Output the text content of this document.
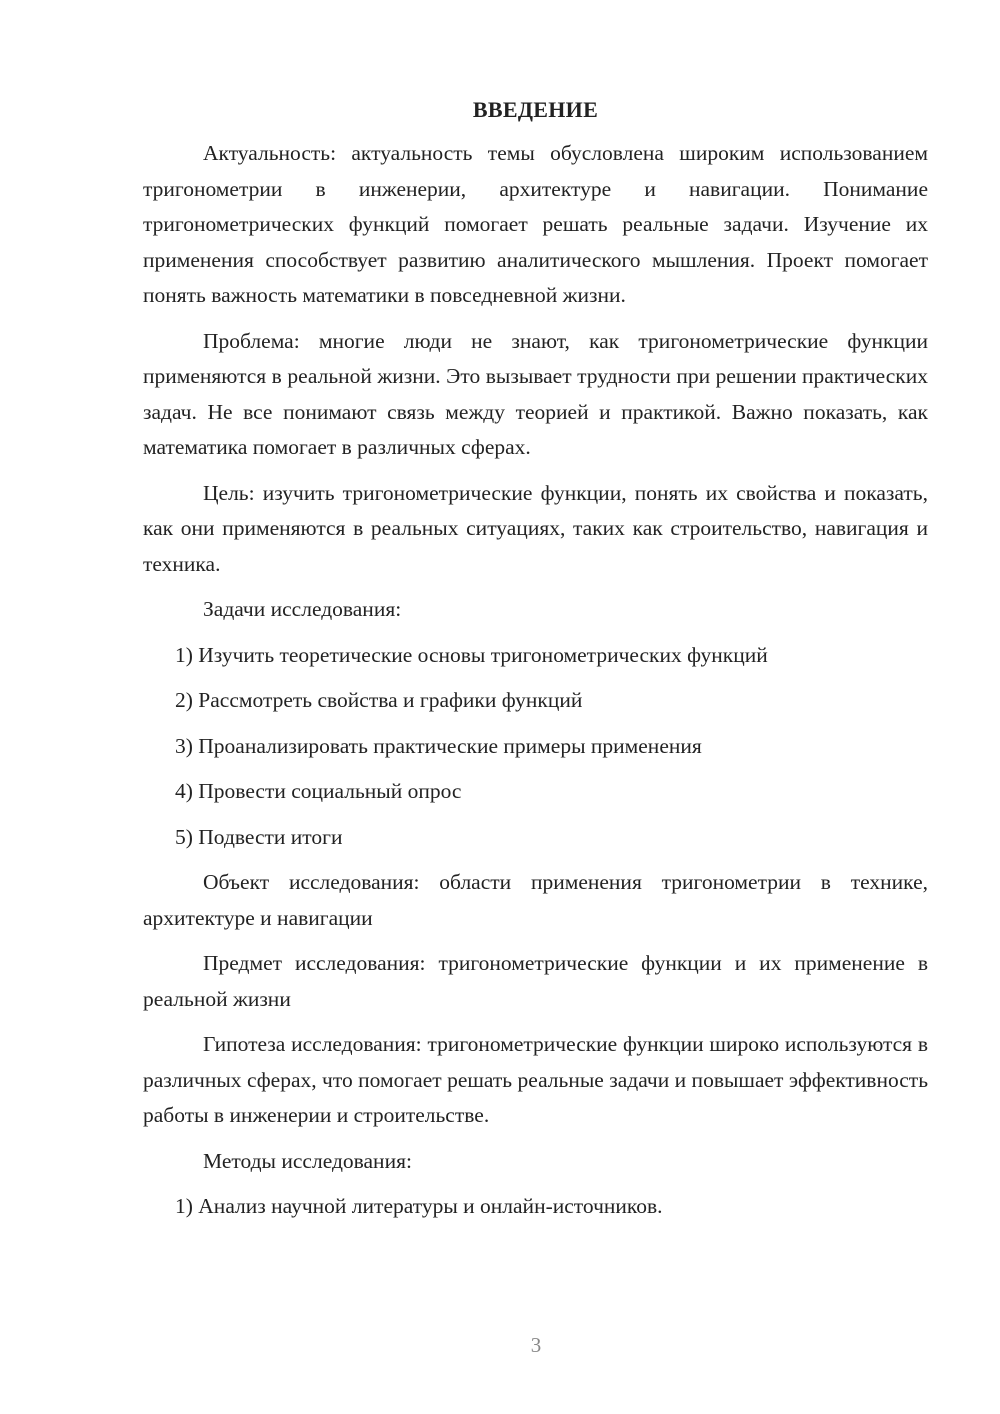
ВВЕДЕНИЕ

Актуальность: актуальность темы обусловлена широким использованием тригонометрии в инженерии, архитектуре и навигации. Понимание тригонометрических функций помогает решать реальные задачи. Изучение их применения способствует развитию аналитического мышления. Проект помогает понять важность математики в повседневной жизни.

Проблема: многие люди не знают, как тригонометрические функции применяются в реальной жизни. Это вызывает трудности при решении практических задач. Не все понимают связь между теорией и практикой. Важно показать, как математика помогает в различных сферах.

Цель: изучить тригонометрические функции, понять их свойства и показать, как они применяются в реальных ситуациях, таких как строительство, навигация и техника.

Задачи исследования:

1) Изучить теоретические основы тригонометрических функций

2) Рассмотреть свойства и графики функций

3) Проанализировать практические примеры применения

4) Провести социальный опрос

5) Подвести итоги

Объект исследования: области применения тригонометрии в технике, архитектуре и навигации

Предмет исследования: тригонометрические функции и их применение в реальной жизни

Гипотеза исследования: тригонометрические функции широко используются в различных сферах, что помогает решать реальные задачи и повышает эффективность работы в инженерии и строительстве.

Методы исследования:

1) Анализ научной литературы и онлайн-источников.

3
